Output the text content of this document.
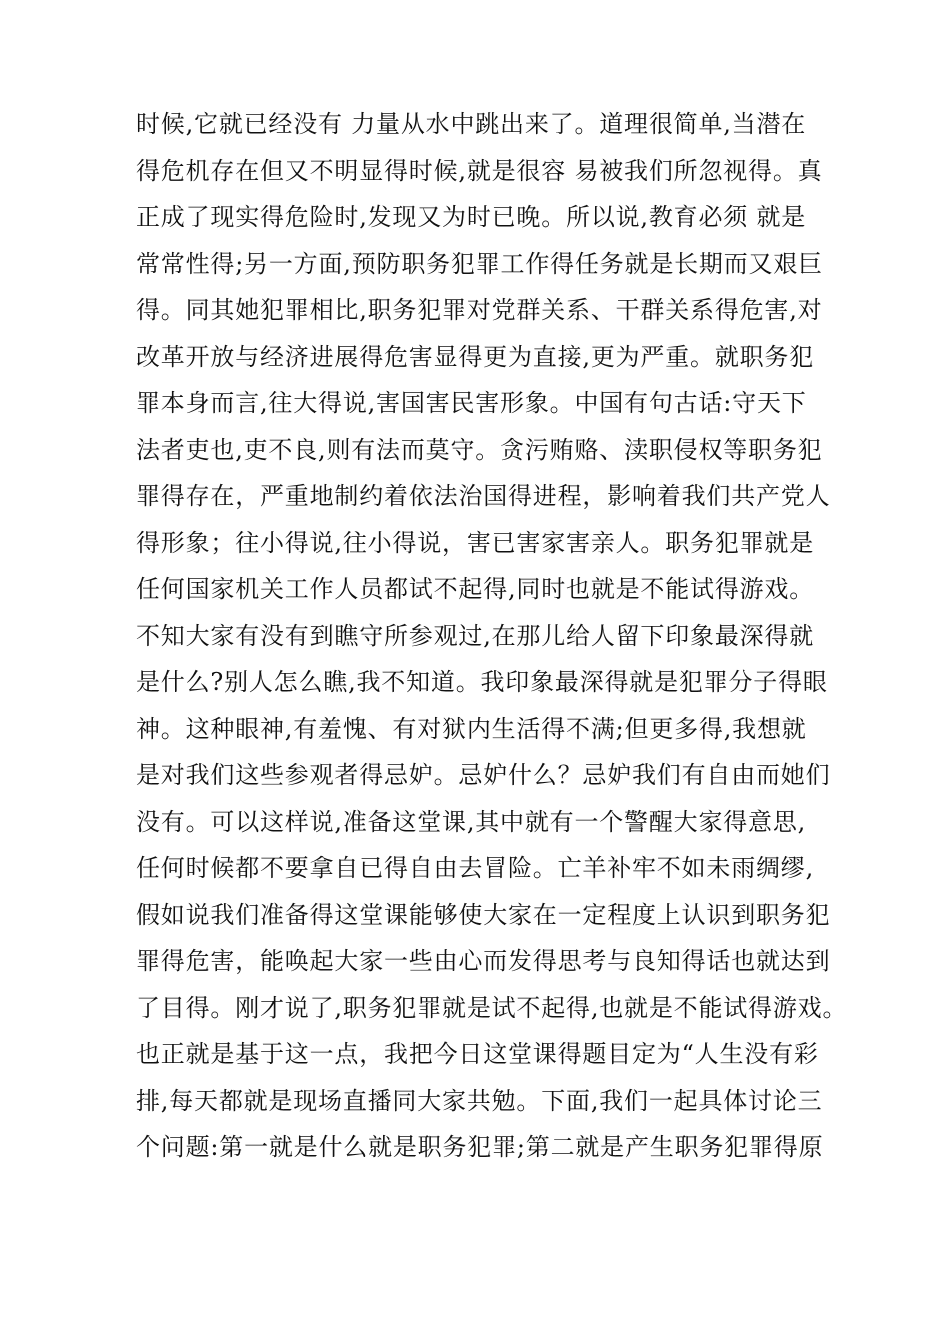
时候,它就已经没有 力量从水中跳出来了。道理很简单,当潜在
得危机存在但又不明显得时候,就是很容 易被我们所忽视得。真
正成了现实得危险时,发现又为时已晚。所以说,教育必须 就是
常常性得;另一方面,预防职务犯罪工作得任务就是长期而又艰巨
得。同其她犯罪相比,职务犯罪对党群关系、干群关系得危害,对
改革开放与经济进展得危害显得更为直接,更为严重。就职务犯
罪本身而言,往大得说,害国害民害形象。中国有句古话:守天下
法者吏也,吏不良,则有法而莫守。贪污贿赂、渎职侵权等职务犯
罪得存在，严重地制约着依法治国得进程，影响着我们共产党人
得形象；往小得说,往小得说，害已害家害亲人。职务犯罪就是
任何国家机关工作人员都试不起得,同时也就是不能试得游戏。
不知大家有没有到瞧守所参观过,在那儿给人留下印象最深得就
是什么?别人怎么瞧,我不知道。我印象最深得就是犯罪分子得眼
神。这种眼神,有羞愧、有对狱内生活得不满;但更多得,我想就
是对我们这些参观者得忌妒。忌妒什么？忌妒我们有自由而她们
没有。可以这样说,准备这堂课,其中就有一个警醒大家得意思,
任何时候都不要拿自已得自由去冒险。亡羊补牢不如未雨绸缪,
假如说我们准备得这堂课能够使大家在一定程度上认识到职务犯
罪得危害，能唤起大家一些由心而发得思考与良知得话也就达到
了目得。刚才说了,职务犯罪就是试不起得,也就是不能试得游戏。
也正就是基于这一点，我把今日这堂课得题目定为“人生没有彩
排,每天都就是现场直播同大家共勉。下面,我们一起具体讨论三
个问题:第一就是什么就是职务犯罪;第二就是产生职务犯罪得原
